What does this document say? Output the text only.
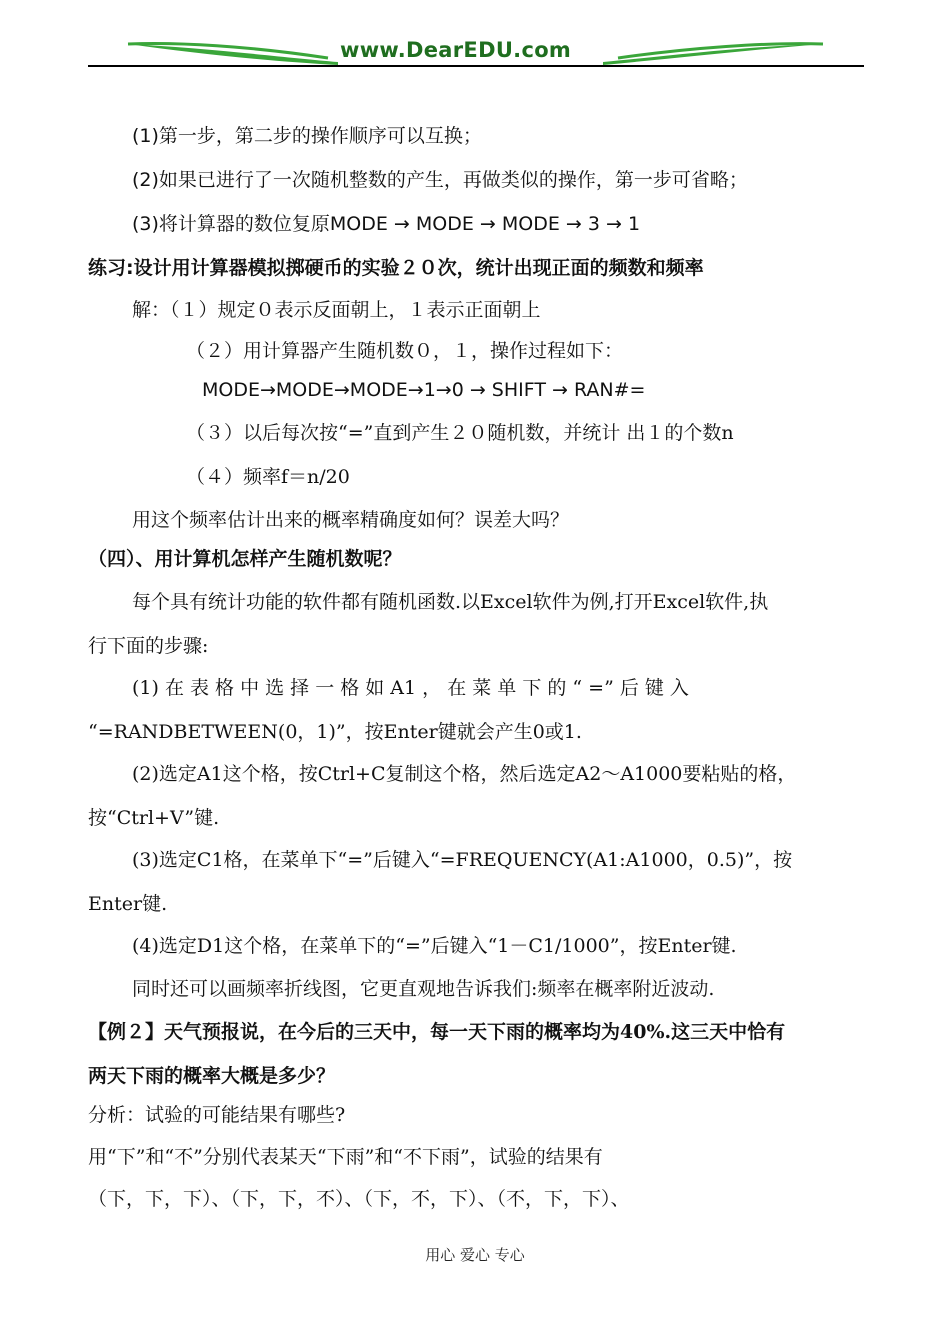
www.DearEDU.com
(1)第一步，第二步的操作顺序可以互换；
(2)如果已进行了一次随机整数的产生，再做类似的操作，第一步可省略；
(3)将计算器的数位复原MODE → MODE → MODE → 3 → 1
练习:设计用计算器模拟掷硬币的实验２０次，统计出现正面的频数和频率
解：（１）规定０表示反面朝上，１表示正面朝上
（２）用计算器产生随机数０，１，操作过程如下：
MODE→MODE→MODE→1→0 → SHIFT → RAN#=
（３）以后每次按“=”直到产生２０随机数，并统计 出１的个数n
（４）频率f＝n/20
用这个频率估计出来的概率精确度如何？误差大吗？
（四）、用计算机怎样产生随机数呢？
每个具有统计功能的软件都有随机函数.以Excel软件为例,打开Excel软件,执
行下面的步骤:
(1) 在 表 格 中 选 择 一 格 如 A1 ， 在 菜 单 下 的 “ =” 后 键 入
“=RANDBETWEEN(0，1)”，按Enter键就会产生0或1.
(2)选定A1这个格，按Ctrl+C复制这个格，然后选定A2～A1000要粘贴的格，
按“Ctrl+V”键.
(3)选定C1格，在菜单下“=”后键入“=FREQUENCY(A1:A1000，0.5)”，按
Enter键.
(4)选定D1这个格，在菜单下的“=”后键入“1－C1/1000”，按Enter键.
同时还可以画频率折线图，它更直观地告诉我们:频率在概率附近波动.
【例２】天气预报说，在今后的三天中，每一天下雨的概率均为40%.这三天中恰有
两天下雨的概率大概是多少？
分析：试验的可能结果有哪些?
用“下”和“不”分别代表某天“下雨”和“不下雨”，试验的结果有
（下，下，下）、（下，下，不）、（下，不，下）、（不，下，下）、
用心 爱心 专心
